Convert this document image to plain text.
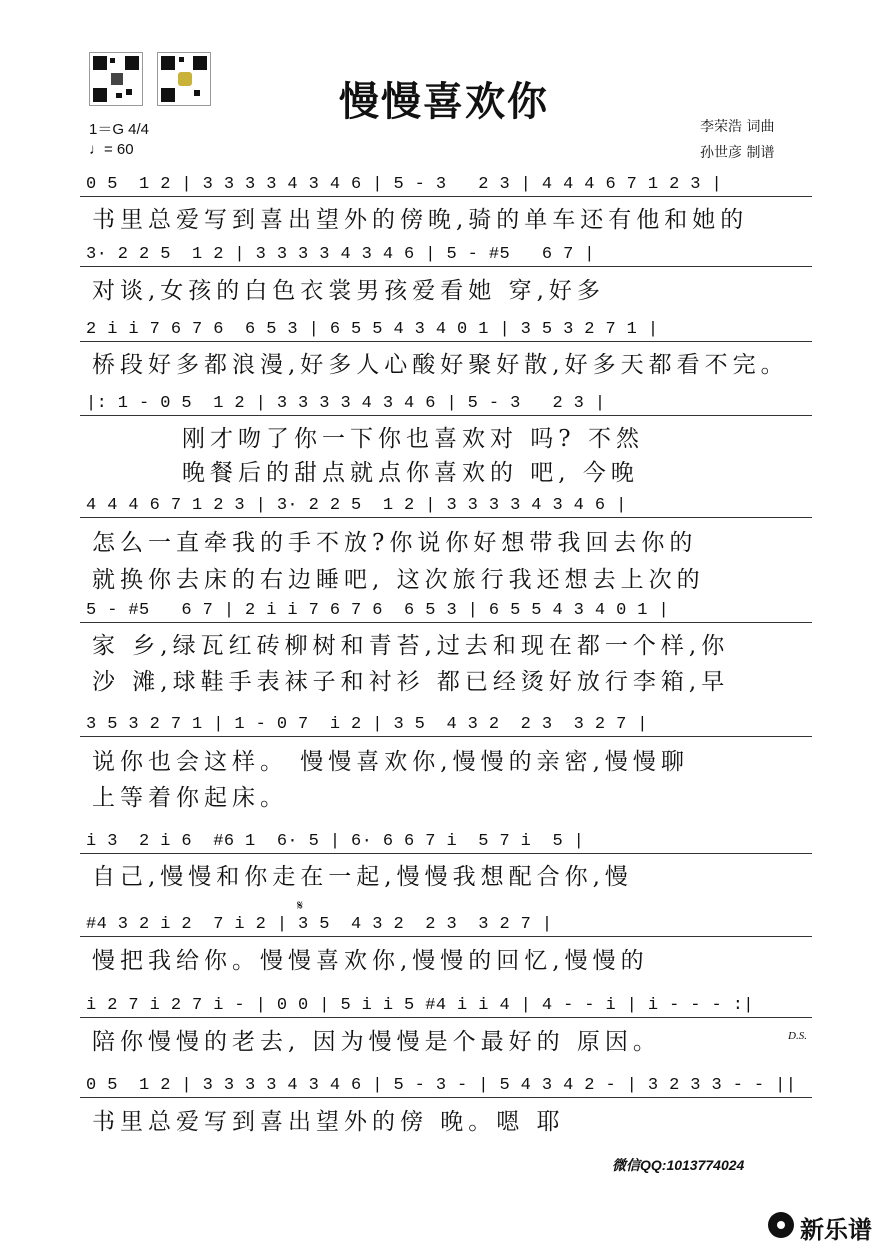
慢慢喜欢你
1＝G 4/4
♩= 60
李荣浩 词曲
孙世彦 制谱
0 5  1 2 | 3 3 3 3 4 3 4 6 | 5 - 3   2 3 | 4 4 4 6 7 1 2 3 |
书里总爱写到喜出望外的傍晚,骑的单车还有他和她的
3· 2 2 5  1 2 | 3 3 3 3 4 3 4 6 | 5 - #5   6 7 |
对谈,女孩的白色衣裳男孩爱看她 穿,好多
2 i i 7 6 7 6  6 5 3 | 6 5 5 4 3 4 0 1 | 3 5 3 2 7 1 |
桥段好多都浪漫,好多人心酸好聚好散,好多天都看不完。
|: 1 - 0 5  1 2 | 3 3 3 3 4 3 4 6 | 5 - 3   2 3 |
刚才吻了你一下你也喜欢对 吗? 不然
晚餐后的甜点就点你喜欢的 吧, 今晚
4 4 4 6 7 1 2 3 | 3· 2 2 5  1 2 | 3 3 3 3 4 3 4 6 |
怎么一直牵我的手不放?你说你好想带我回去你的
就换你去床的右边睡吧, 这次旅行我还想去上次的
5 - #5   6 7 | 2 i i 7 6 7 6  6 5 3 | 6 5 5 4 3 4 0 1 |
家 乡,绿瓦红砖柳树和青苔,过去和现在都一个样,你
沙 滩,球鞋手表袜子和衬衫 都已经烫好放行李箱,早
3 5 3 2 7 1 | 1 - 0 7  i 2 | 3 5  4 3 2  2 3  3 2 7 |
说你也会这样。 慢慢喜欢你,慢慢的亲密,慢慢聊
上等着你起床。
i 3  2 i 6  #6 1  6· 5 | 6· 6 6 7 i  5 7 i  5 |
自己,慢慢和你走在一起,慢慢我想配合你,慢
𝄋
#4 3 2 i 2  7 i 2 | 3 5  4 3 2  2 3  3 2 7 |
慢把我给你。慢慢喜欢你,慢慢的回忆,慢慢的
i 2 7 i 2 7 i - | 0 0 | 5 i i 5 #4 i i 4 | 4 - - i | i - - - :|
陪你慢慢的老去, 因为慢慢是个最好的 原因。	D.S.
0 5  1 2 | 3 3 3 3 4 3 4 6 | 5 - 3 - | 5 4 3 4 2 - | 3 2 3 3 - - ||
书里总爱写到喜出望外的傍 晚。嗯 耶
微信QQ:1013774024
新乐谱
